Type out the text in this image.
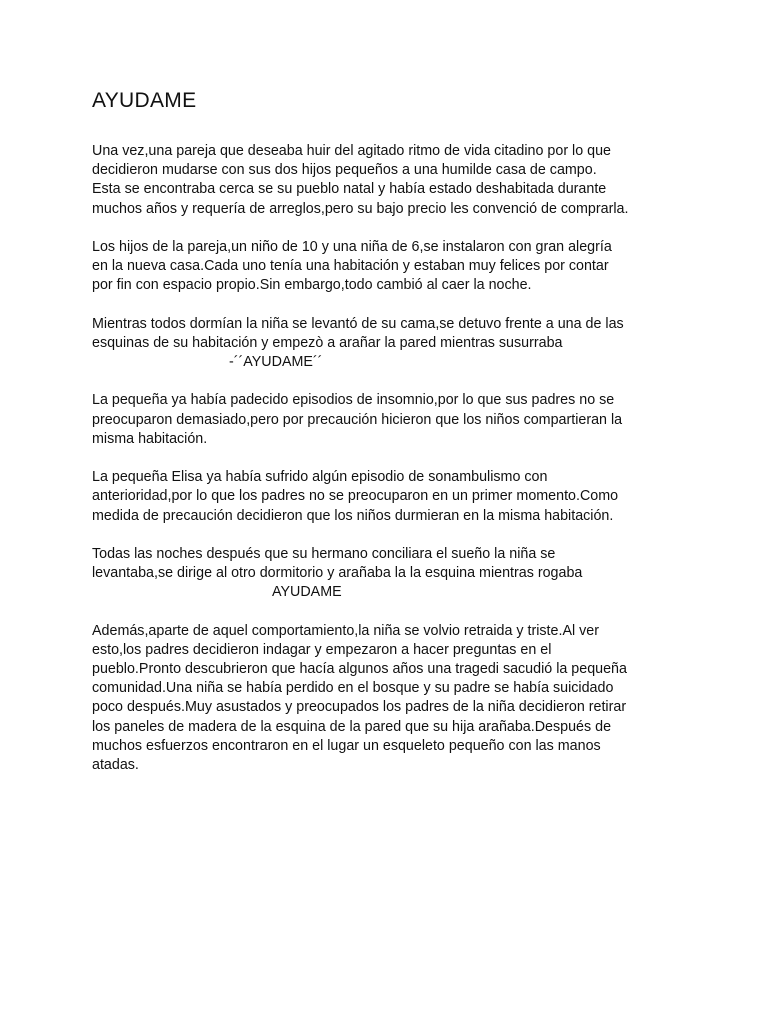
AYUDAME
Una vez,una pareja que deseaba huir del agitado ritmo de vida citadino por lo que
decidieron mudarse con sus dos hijos pequeños a una humilde casa de campo.
Esta se encontraba cerca se su pueblo natal y había estado deshabitada durante
muchos años y requería de arreglos,pero su bajo precio les convenció de comprarla.
Los hijos de la pareja,un niño de 10 y una niña de 6,se instalaron con gran alegría
en la nueva casa.Cada uno tenía una habitación y estaban muy felices por contar
por fin con espacio propio.Sin embargo,todo cambió al caer la noche.
Mientras todos dormían la niña se levantó de su cama,se detuvo frente a una de las
esquinas de su habitación y empezò a arañar la pared mientras susurraba
-´´AYUDAME´´
La pequeña ya había padecido episodios de insomnio,por lo que sus padres no se
preocuparon demasiado,pero por precaución hicieron que los niños compartieran la
misma habitación.
La pequeña Elisa ya había sufrido algún episodio de sonambulismo con
anterioridad,por lo que los padres no se preocuparon en un primer momento.Como
medida de precaución decidieron que los niños durmieran en la misma habitación.
Todas las noches después que su hermano conciliara el sueño la niña se
levantaba,se dirige al otro dormitorio y arañaba la la esquina mientras rogaba
AYUDAME
Además,aparte de aquel comportamiento,la niña se volvio retraida y triste.Al ver
esto,los padres decidieron indagar y empezaron a hacer preguntas en el
pueblo.Pronto descubrieron que hacía algunos años una tragedi sacudió la pequeña
comunidad.Una niña se había perdido en el bosque y su padre se había suicidado
poco después.Muy asustados y preocupados los padres de la niña decidieron retirar
los paneles de madera de la esquina de la pared que su hija arañaba.Después de
muchos esfuerzos encontraron en el lugar un esqueleto pequeño con las manos
atadas.
